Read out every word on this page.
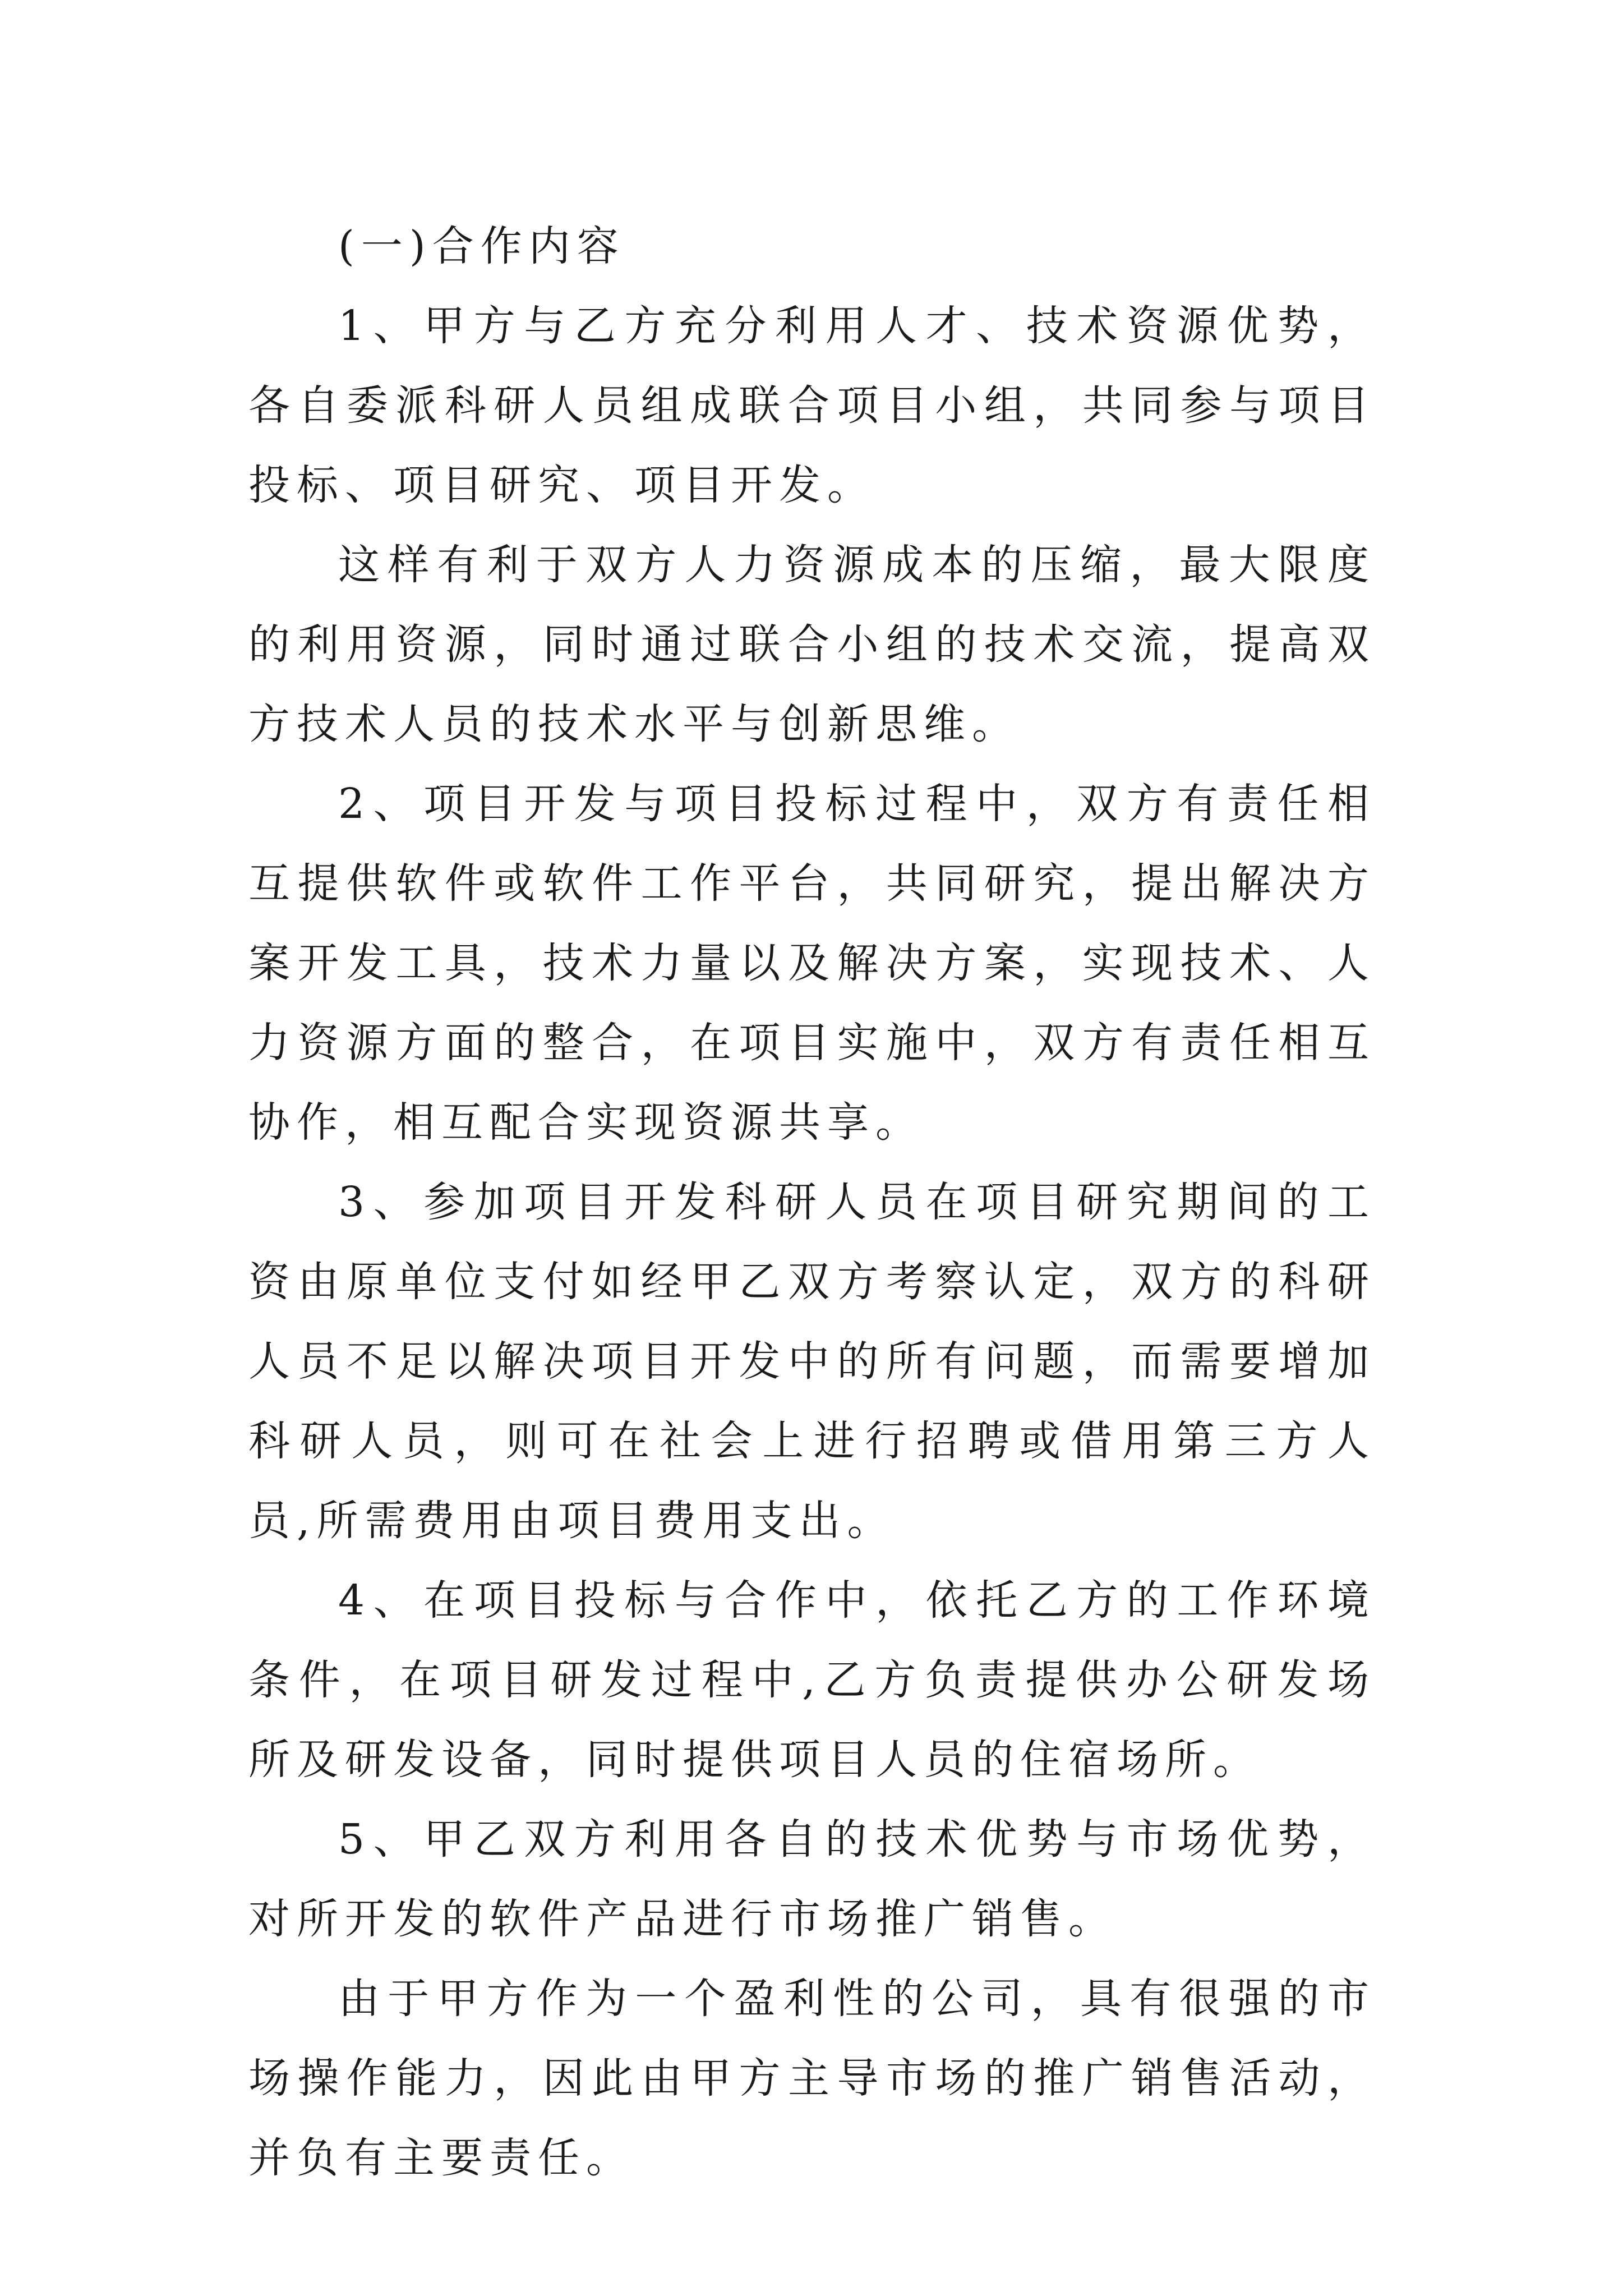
(一)合作内容

1、甲方与乙方充分利用人才、技术资源优势，各自委派科研人员组成联合项目小组，共同参与项目投标、项目研究、项目开发。

这样有利于双方人力资源成本的压缩，最大限度的利用资源，同时通过联合小组的技术交流，提高双方技术人员的技术水平与创新思维。

2、项目开发与项目投标过程中，双方有责任相互提供软件或软件工作平台，共同研究，提出解决方案开发工具，技术力量以及解决方案，实现技术、人力资源方面的整合，在项目实施中，双方有责任相互协作，相互配合实现资源共享。

3、参加项目开发科研人员在项目研究期间的工资由原单位支付如经甲乙双方考察认定，双方的科研人员不足以解决项目开发中的所有问题，而需要增加科研人员，则可在社会上进行招聘或借用第三方人员,所需费用由项目费用支出。

4、在项目投标与合作中，依托乙方的工作环境条件，在项目研发过程中,乙方负责提供办公研发场所及研发设备，同时提供项目人员的住宿场所。

5、甲乙双方利用各自的技术优势与市场优势，对所开发的软件产品进行市场推广销售。

由于甲方作为一个盈利性的公司，具有很强的市场操作能力，因此由甲方主导市场的推广销售活动，并负有主要责任。
